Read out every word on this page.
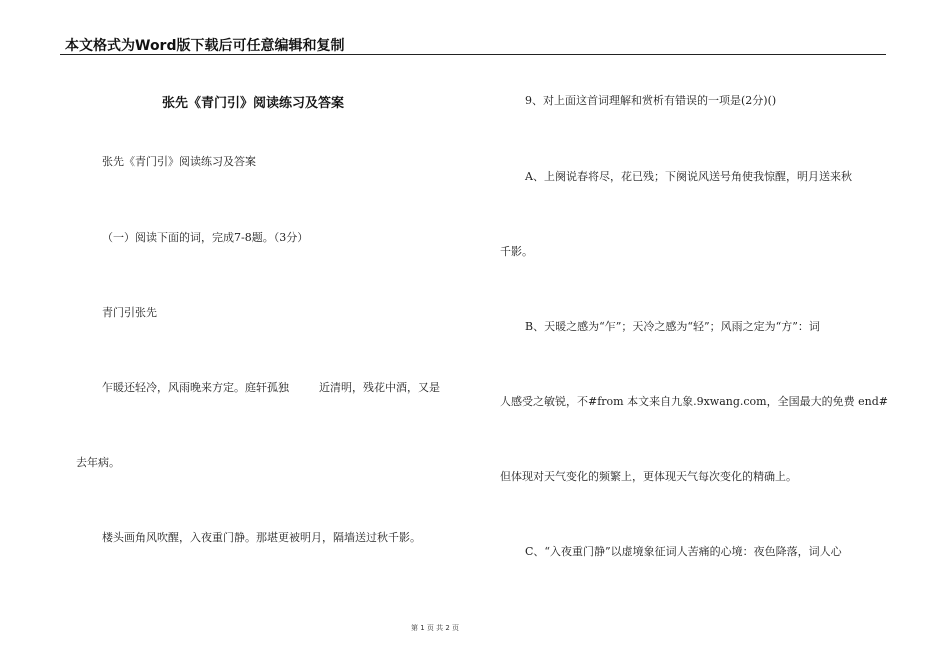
本文格式为Word版下载后可任意编辑和复制
张先《青门引》阅读练习及答案
张先《青门引》阅读练习及答案
（一）阅读下面的词，完成7-8题。（3分）
青门引张先
乍暖还轻冷，风雨晚来方定。庭轩孤独	近清明，残花中酒，又是
去年病。
楼头画角风吹醒，入夜重门静。那堪更被明月，隔墙送过秋千影。
9、对上面这首词理解和赏析有错误的一项是(2分)()
A、上阕说春将尽，花已残；下阕说风送号角使我惊醒，明月送来秋
千影。
B、天暖之感为“乍”；天冷之感为“轻”；风雨之定为“方”：词
人感受之敏锐，不#from 本文来自九象.9xwang.com，全国最大的免费 end#
但体现对天气变化的频繁上，更体现天气每次变化的精确上。
C、“入夜重门静”以虚境象征词人苦痛的心境：夜色降落，词人心
第 1 页 共 2 页
